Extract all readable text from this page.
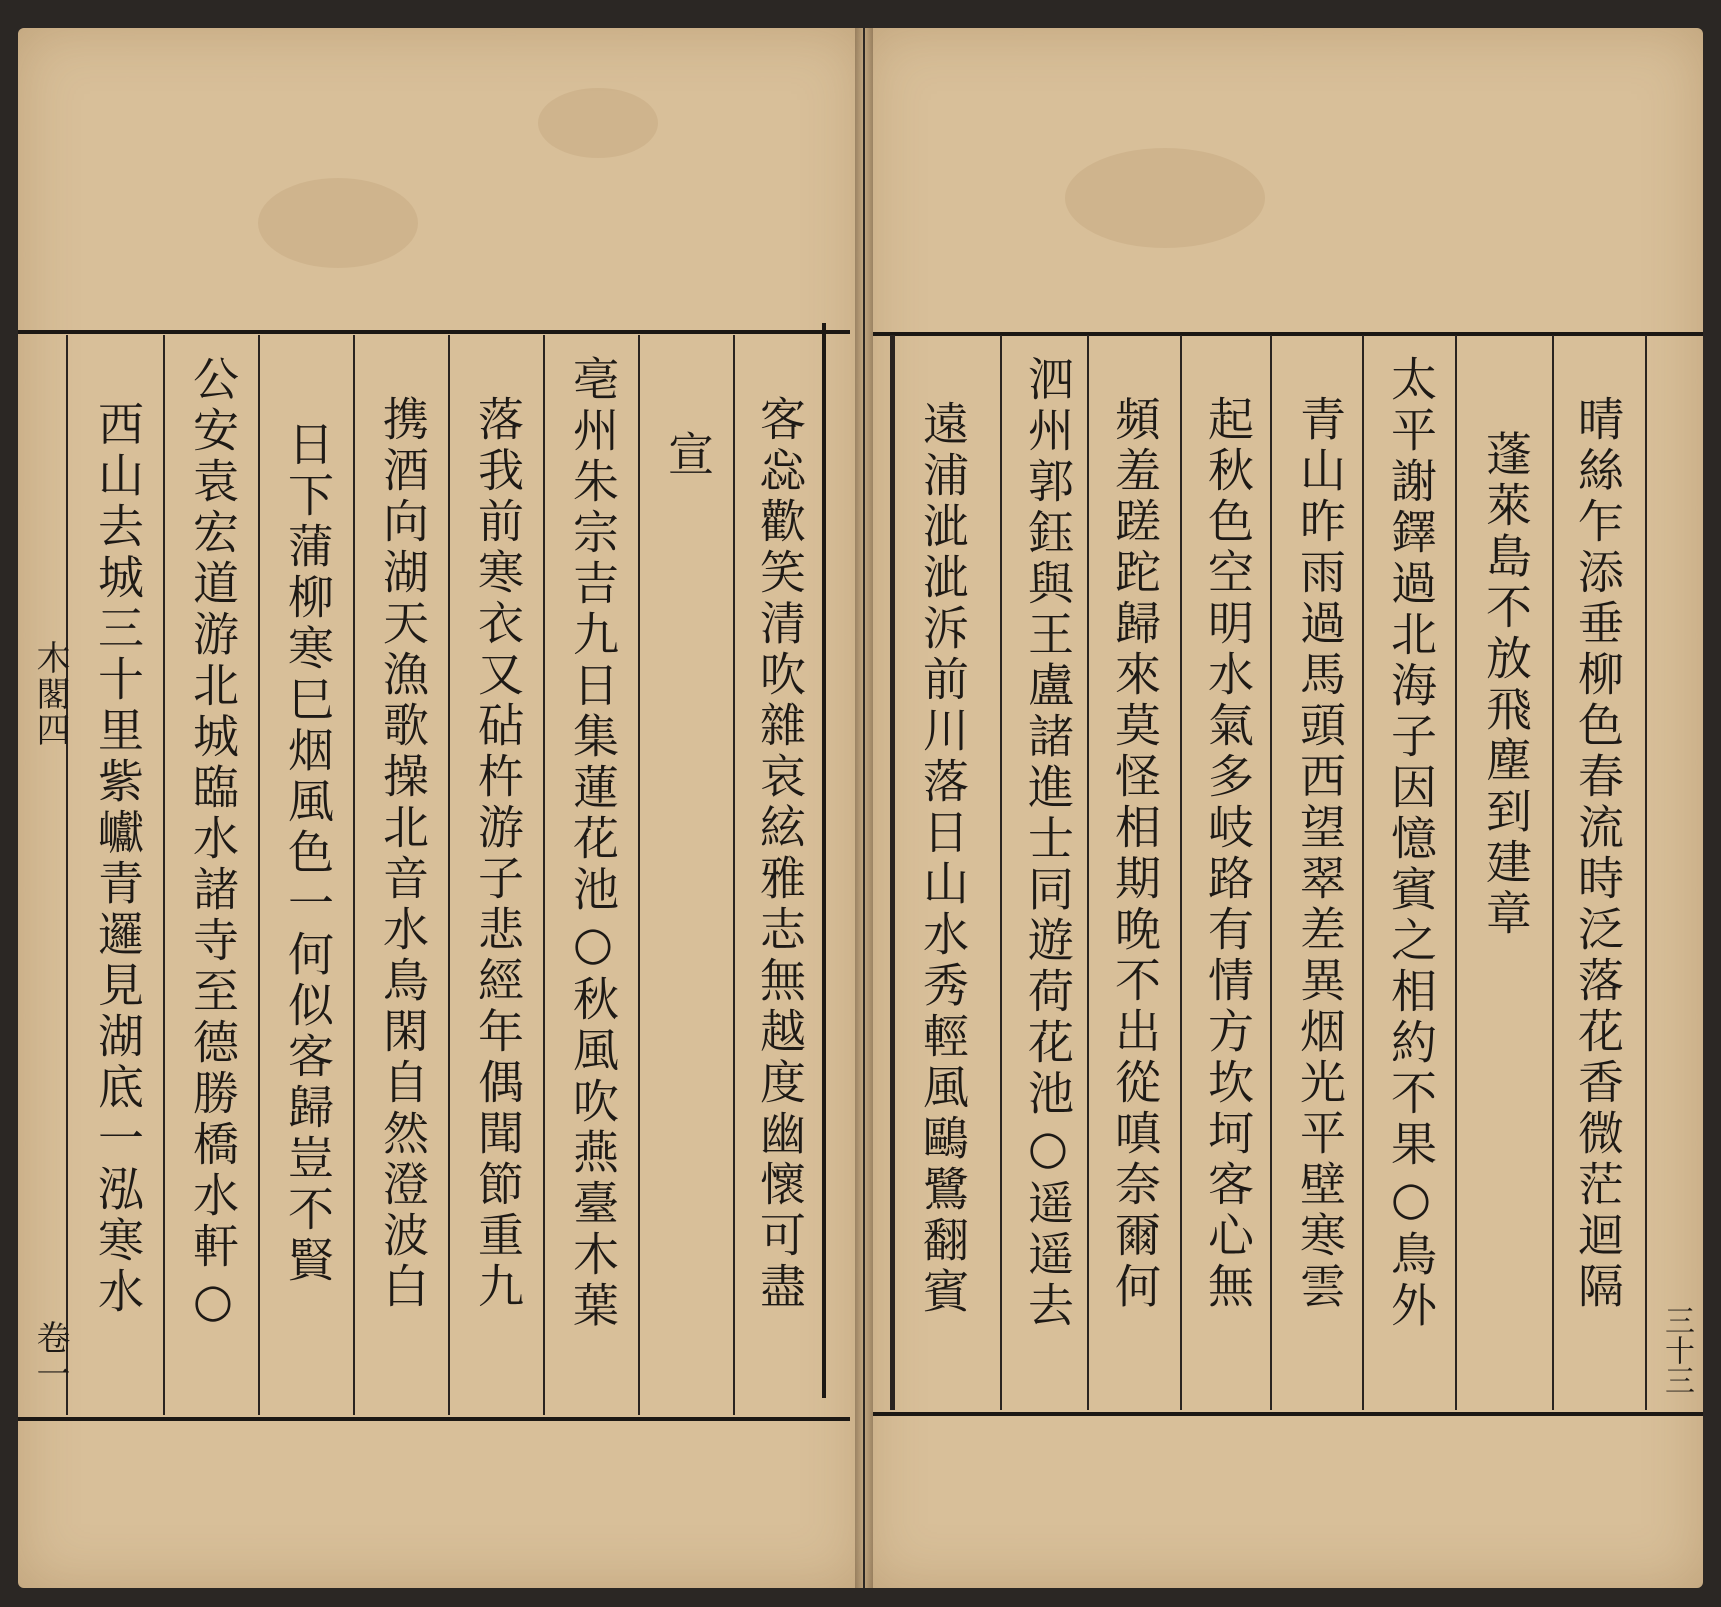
木閣四
卷一
客惢歡笑清吹雜哀絃雅志無越度幽懷可盡
宣
亳州朱宗吉九日集蓮花池○秋風吹燕臺木葉
落我前寒衣又砧杵游子悲經年偶聞節重九
携酒向湖天漁歌操北音水鳥閑自然澄波白
日下蒲柳寒巳烟風色一何似客歸豈不賢
公安袁宏道游北城臨水諸寺至德勝橋水軒○
西山去城三十里紫巘青邏見湖底一泓寒水
三十三
晴絲乍添垂柳色春流時泛落花香微茫迴隔
蓬萊島不放飛塵到建章
太平謝鐸過北海子因憶賓之相約不果○鳥外
青山昨雨過馬頭西望翠差異烟光平壁寒雲
起秋色空明水氣多岐路有情方坎坷客心無
頻羞蹉跎歸來莫怪相期晚不出從嗔奈爾何
泗州郭鈺與王盧諸進士同遊荷花池○遥遥去
遠浦泚泚泝前川落日山水秀輕風鷗鷺翻賓
